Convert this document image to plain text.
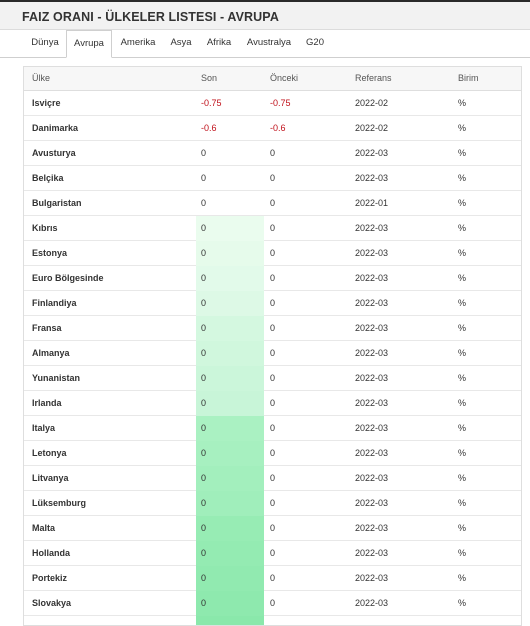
FAIZ ORANI - ÜLKELER LISTESI - AVRUPA
Dünya	Avrupa	Amerika Asya Afrika	Avustralya	G20
Ülke	Son	Önceki	Referans	Birim
Isviçre	-0.75	-0.75	2022-02	%
Danimarka	-0.6	-0.6	2022-02	%
Avusturya	0	0	2022-03	%
Belçika	0	0	2022-03	%
Bulgaristan	0	0	2022-01	%
Kıbrıs	0	0	2022-03	%
Estonya	0	0	2022-03	%
Euro Bölgesinde	0	0	2022-03	%
Finlandiya	0	0	2022-03	%
Fransa	0	0	2022-03	%
Almanya	0	0	2022-03	%
Yunanistan	0	0	2022-03	%
Irlanda	0	0	2022-03	%
Italya	0	0	2022-03	%
Letonya	0	0	2022-03	%
Litvanya	0	0	2022-03	%
Lüksemburg	0	0	2022-03	%
Malta	0	0	2022-03	%
Hollanda	0	0	2022-03	%
Portekiz	0	0	2022-03	%
Slovakya	0	0	2022-03	%
